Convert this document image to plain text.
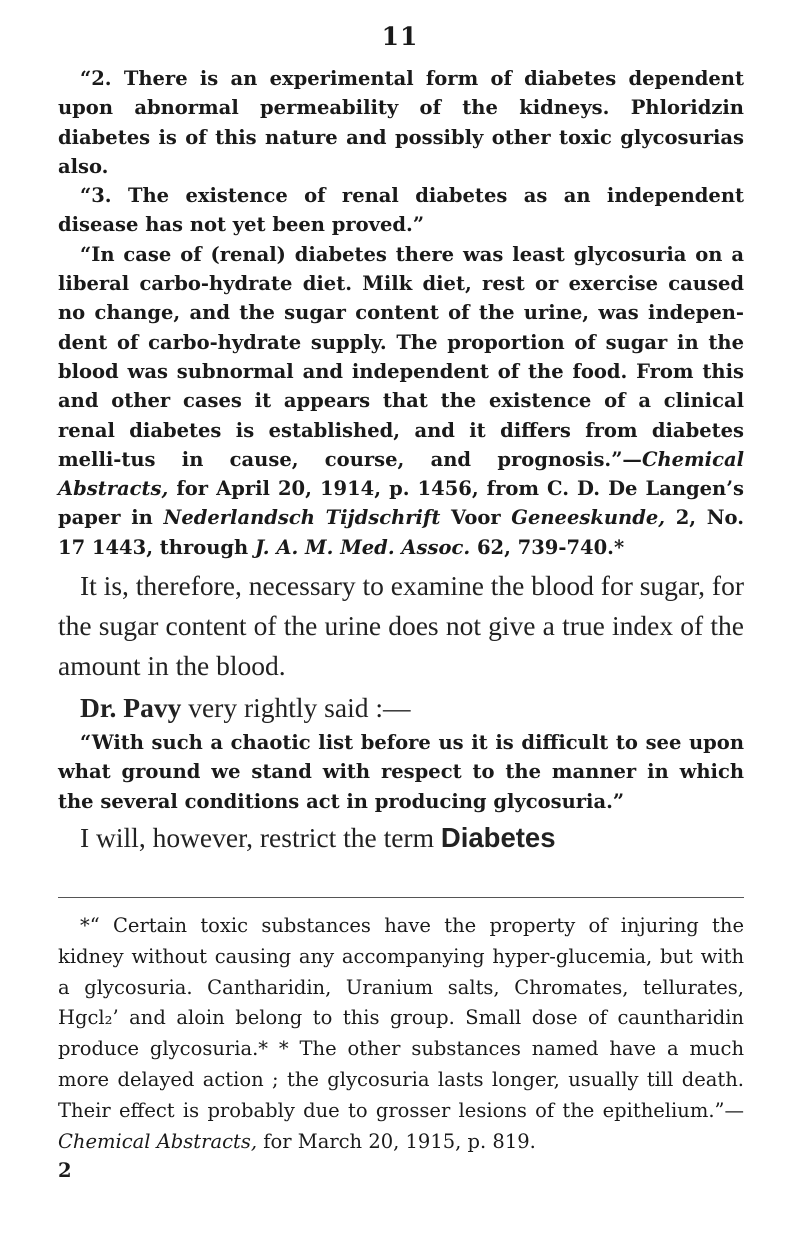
11

“2. There is an experimental form of diabetes dependent upon abnormal permeability of the kidneys. Phloridzin diabetes is of this nature and possibly other toxic glycosurias also.

“3. The existence of renal diabetes as an independent disease has not yet been proved.”

“In case of (renal) diabetes there was least glycosuria on a liberal carbo-hydrate diet. Milk diet, rest or exercise caused no change, and the sugar content of the urine, was indepen-dent of carbo-hydrate supply. The proportion of sugar in the blood was subnormal and independent of the food. From this and other cases it appears that the existence of a clinical renal diabetes is established, and it differs from diabetes melli-tus in cause, course, and prognosis.”—Chemical Abstracts, for April 20, 1914, p. 1456, from C. D. De Langen’s paper in Nederlandsch Tijdschrift Voor Geneeskunde, 2, No. 17 1443, through J. A. M. Med. Assoc. 62, 739-740.*

It is, therefore, necessary to examine the blood for sugar, for the sugar content of the urine does not give a true index of the amount in the blood.

Dr. Pavy very rightly said :—

“With such a chaotic list before us it is difficult to see upon what ground we stand with respect to the manner in which the several conditions act in producing glycosuria.”

I will, however, restrict the term Diabetes

*“ Certain toxic substances have the property of injuring the kidney without causing any accompanying hyper-glucemia, but with a glycosuria. Cantharidin, Uranium salts, Chromates, tellurates, Hgcl₂’ and aloin belong to this group. Small dose of cauntharidin produce glycosuria.* * The other substances named have a much more delayed action ; the glycosuria lasts longer, usually till death. Their effect is probably due to grosser lesions of the epithelium.”—Chemical Abstracts, for March 20, 1915, p. 819.

2
